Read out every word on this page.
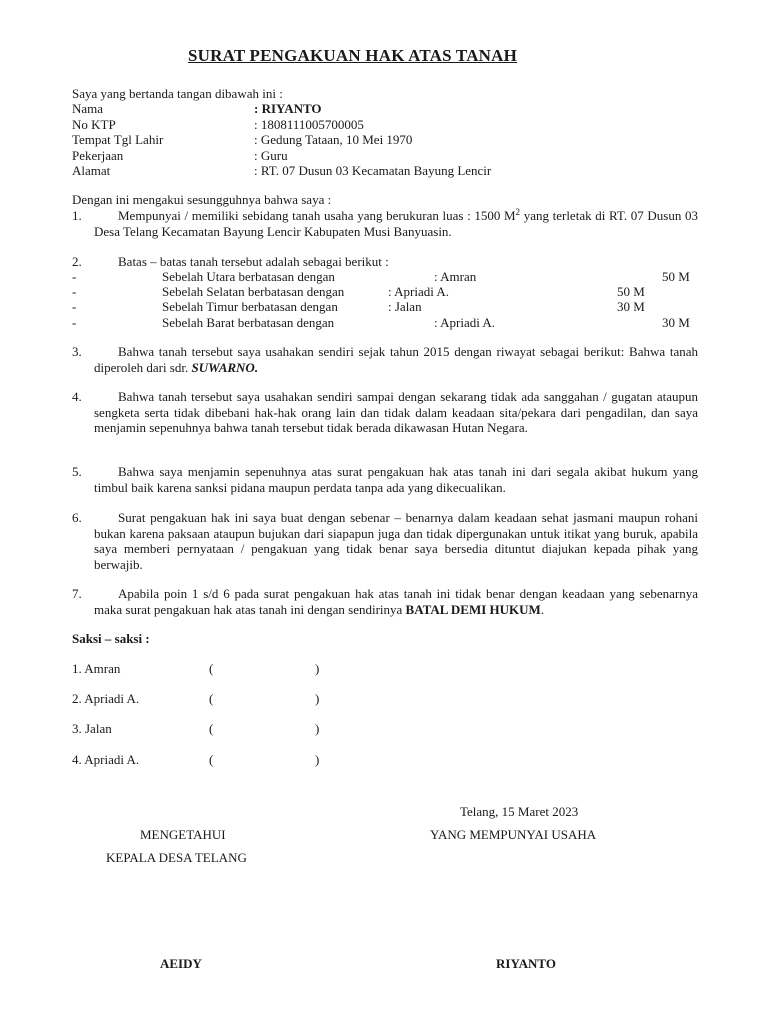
SURAT PENGAKUAN HAK ATAS TANAH
Saya yang bertanda tangan dibawah ini :
Nama	: RIYANTO
No KTP	: 1808111005700005
Tempat Tgl Lahir	: Gedung Tataan, 10 Mei 1970
Pekerjaan	: Guru
Alamat	: RT. 07 Dusun 03 Kecamatan Bayung Lencir
Dengan ini mengakui sesungguhnya bahwa saya :
1.	Mempunyai / memiliki sebidang tanah usaha yang berukuran luas : 1500 $M^2$ yang terletak di RT. 07 Dusun 03 Desa Telang Kecamatan Bayung Lencir Kabupaten Musi Banyuasin.
2.	Batas – batas tanah tersebut adalah sebagai berikut :
-	Sebelah Utara berbatasan dengan	: Amran	50 M
-	Sebelah Selatan berbatasan dengan	: Apriadi A.	50 M
-	Sebelah Timur berbatasan dengan	: Jalan	30 M
-	Sebelah Barat berbatasan dengan	: Apriadi A.	30 M
3.	Bahwa tanah tersebut saya usahakan sendiri sejak tahun 2015 dengan riwayat sebagai berikut: Bahwa tanah diperoleh dari sdr. SUWARNO.
4.	Bahwa tanah tersebut saya usahakan sendiri sampai dengan sekarang tidak ada sanggahan / gugatan ataupun sengketa serta tidak dibebani hak-hak orang lain dan tidak dalam keadaan sita/pekara dari pengadilan, dan saya menjamin sepenuhnya bahwa tanah tersebut tidak berada dikawasan Hutan Negara.
5.	Bahwa saya menjamin sepenuhnya atas surat pengakuan hak atas tanah ini dari segala akibat hukum yang timbul baik karena sanksi pidana maupun perdata tanpa ada yang dikecualikan.
6.	Surat pengakuan hak ini saya buat dengan sebenar – benarnya dalam keadaan sehat jasmani maupun rohani bukan karena paksaan ataupun bujukan dari siapapun juga dan tidak dipergunakan untuk itikat yang buruk, apabila saya memberi pernyataan / pengakuan yang tidak benar saya bersedia dituntut diajukan kepada pihak yang berwajib.
7.	Apabila poin 1 s/d 6 pada surat pengakuan hak atas tanah ini tidak benar dengan keadaan yang sebenarnya maka surat pengakuan hak atas tanah ini dengan sendirinya BATAL DEMI HUKUM.
Saksi – saksi :
1. Amran	(	)
2. Apriadi A.	(	)
3. Jalan	(	)
4. Apriadi A.	(	)
Telang, 15 Maret 2023
MENGETAHUI
KEPALA DESA TELANG
YANG MEMPUNYAI USAHA
AEIDY	RIYANTO
